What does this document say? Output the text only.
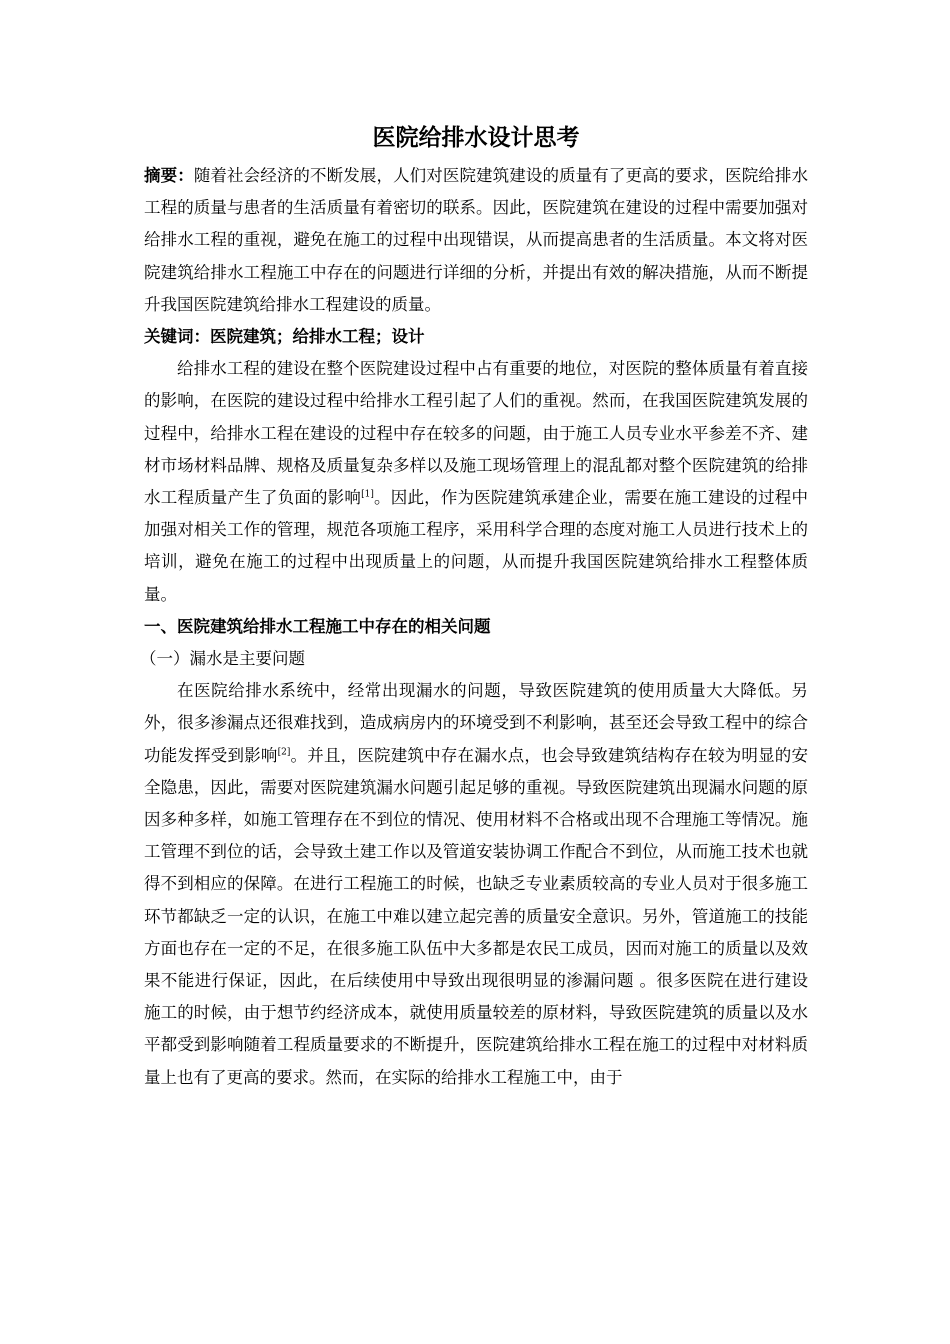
医院给排水设计思考

摘要：随着社会经济的不断发展，人们对医院建筑建设的质量有了更高的要求，医院给排水工程的质量与患者的生活质量有着密切的联系。因此，医院建筑在建设的过程中需要加强对给排水工程的重视，避免在施工的过程中出现错误，从而提高患者的生活质量。本文将对医院建筑给排水工程施工中存在的问题进行详细的分析，并提出有效的解决措施，从而不断提升我国医院建筑给排水工程建设的质量。

关键词：医院建筑；给排水工程；设计

给排水工程的建设在整个医院建设过程中占有重要的地位，对医院的整体质量有着直接的影响，在医院的建设过程中给排水工程引起了人们的重视。然而，在我国医院建筑发展的过程中，给排水工程在建设的过程中存在较多的问题，由于施工人员专业水平参差不齐、建材市场材料品牌、规格及质量复杂多样以及施工现场管理上的混乱都对整个医院建筑的给排水工程质量产生了负面的影响[1]。因此，作为医院建筑承建企业，需要在施工建设的过程中加强对相关工作的管理，规范各项施工程序，采用科学合理的态度对施工人员进行技术上的培训，避免在施工的过程中出现质量上的问题，从而提升我国医院建筑给排水工程整体质量。

一、医院建筑给排水工程施工中存在的相关问题

（一）漏水是主要问题

在医院给排水系统中，经常出现漏水的问题，导致医院建筑的使用质量大大降低。另外，很多渗漏点还很难找到，造成病房内的环境受到不利影响，甚至还会导致工程中的综合功能发挥受到影响[2]。并且，医院建筑中存在漏水点，也会导致建筑结构存在较为明显的安全隐患，因此，需要对医院建筑漏水问题引起足够的重视。导致医院建筑出现漏水问题的原因多种多样，如施工管理存在不到位的情况、使用材料不合格或出现不合理施工等情况。施工管理不到位的话，会导致土建工作以及管道安装协调工作配合不到位，从而施工技术也就得不到相应的保障。在进行工程施工的时候，也缺乏专业素质较高的专业人员对于很多施工环节都缺乏一定的认识，在施工中难以建立起完善的质量安全意识。另外，管道施工的技能方面也存在一定的不足，在很多施工队伍中大多都是农民工成员，因而对施工的质量以及效果不能进行保证，因此，在后续使用中导致出现很明显的渗漏问题 。很多医院在进行建设施工的时候，由于想节约经济成本，就使用质量较差的原材料，导致医院建筑的质量以及水平都受到影响随着工程质量要求的不断提升，医院建筑给排水工程在施工的过程中对材料质量上也有了更高的要求。然而，在实际的给排水工程施工中，由于
